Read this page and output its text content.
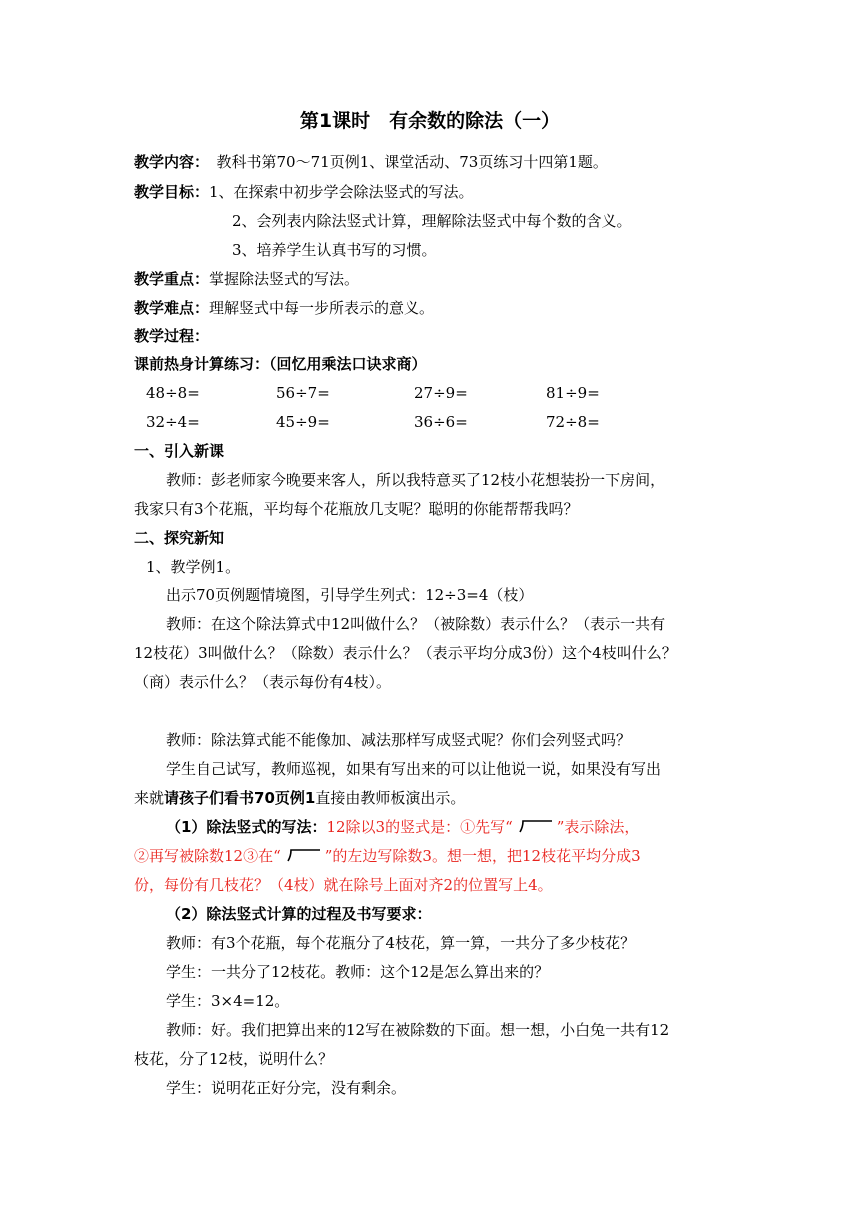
第1课时　有余数的除法（一）
教学内容：　教科书第70～71页例1、课堂活动、73页练习十四第1题。
教学目标：1、在探索中初步学会除法竖式的写法。
2、会列表内除法竖式计算，理解除法竖式中每个数的含义。
3、培养学生认真书写的习惯。
教学重点：掌握除法竖式的写法。
教学难点：理解竖式中每一步所表示的意义。
教学过程：
课前热身计算练习：（回忆用乘法口诀求商）
48÷8=	56÷7=	27÷9=	81÷9=
32÷4=	45÷9=	36÷6=	72÷8=
一、引入新课
教师：彭老师家今晚要来客人，所以我特意买了12枝小花想装扮一下房间，
我家只有3个花瓶，平均每个花瓶放几支呢？聪明的你能帮帮我吗？
二、探究新知
1、教学例1。
出示70页例题情境图，引导学生列式：12÷3=4（枝）
教师：在这个除法算式中12叫做什么？（被除数）表示什么？（表示一共有
12枝花）3叫做什么？（除数）表示什么？（表示平均分成3份）这个4枝叫什么？
（商）表示什么？（表示每份有4枝）。
教师：除法算式能不能像加、减法那样写成竖式呢？你们会列竖式吗？
学生自己试写，教师巡视，如果有写出来的可以让他说一说，如果没有写出
来就请孩子们看书70页例1直接由教师板演出示。
（1）除法竖式的写法：12除以3的竖式是：①先写“	”表示除法，
②再写被除数12③在“	”的左边写除数3。想一想，把12枝花平均分成3
份，每份有几枝花？（4枝）就在除号上面对齐2的位置写上4。
（2）除法竖式计算的过程及书写要求：
教师：有3个花瓶，每个花瓶分了4枝花，算一算，一共分了多少枝花？
学生：一共分了12枝花。教师：这个12是怎么算出来的？
学生：3×4=12。
教师：好。我们把算出来的12写在被除数的下面。想一想，小白兔一共有12
枝花，分了12枝，说明什么？
学生：说明花正好分完，没有剩余。
